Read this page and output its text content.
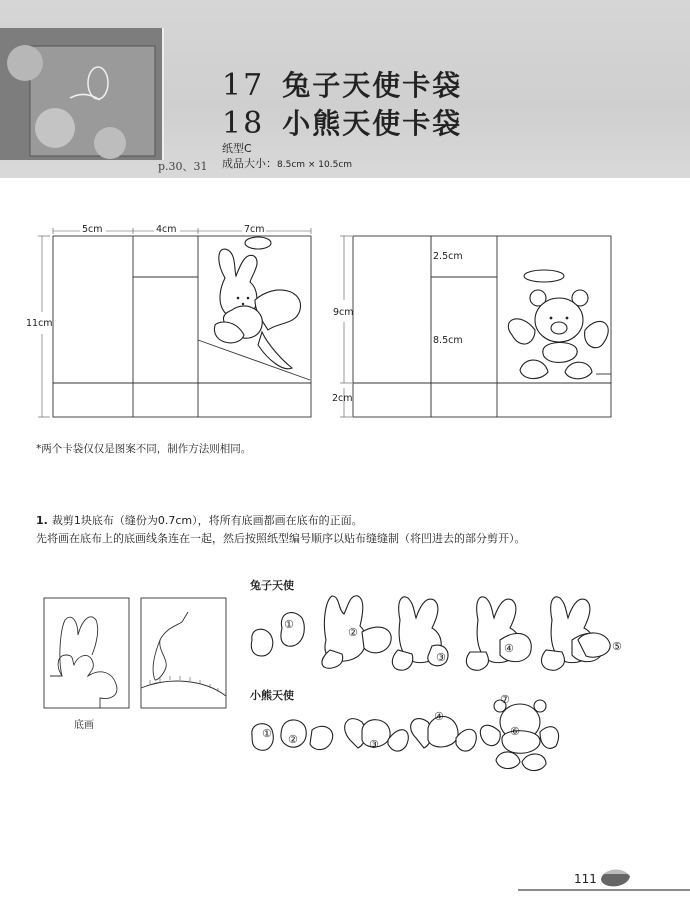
17 兔子天使卡袋
18 小熊天使卡袋
p.30、31
纸型C
成品大小：8.5cm × 10.5cm
5cm	4cm	7cm
11cm
2.5cm
9cm
8.5cm
2cm
*两个卡袋仅仅是图案不同，制作方法则相同。
1. 裁剪1块底布（缝份为0.7cm），将所有底画都画在底布的正面。
先将画在底布上的底画线条连在一起，然后按照纸型编号顺序以贴布缝缝制（将凹进去的部分剪开）。
①
②
③
④	⑤
① ②	③
④
⑥
⑦
兔子天使
小熊天使
底画
111
